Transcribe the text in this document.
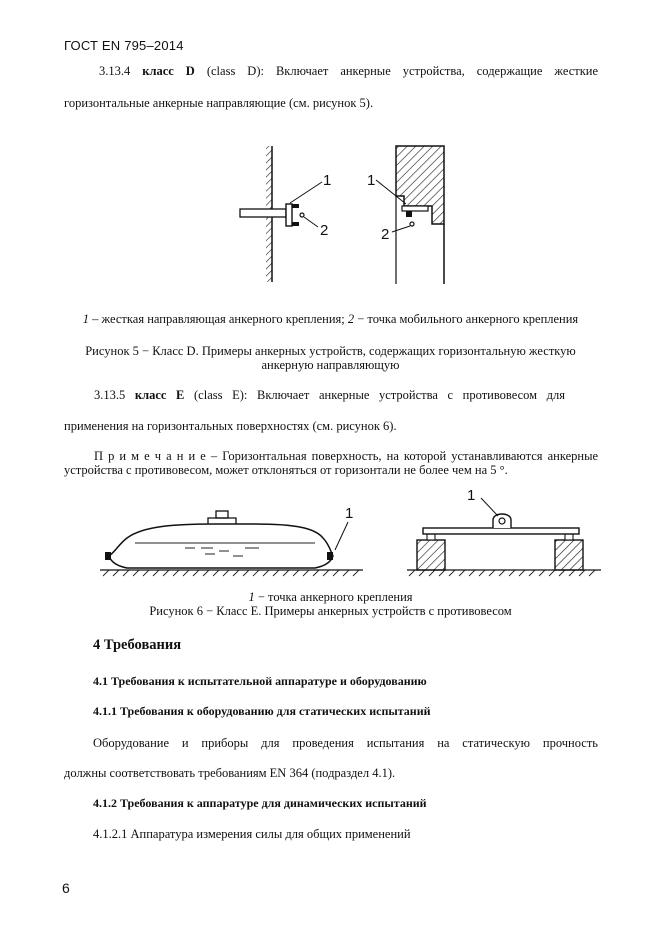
ГОСТ EN 795–2014
3.13.4 класс D (class D): Включает анкерные устройства, содержащие жесткие
горизонтальные анкерные направляющие (см. рисунок 5).
1
2
1
2
1 – жесткая направляющая анкерного крепления; 2 − точка мобильного анкерного крепления
Рисунок 5 − Класс D. Примеры анкерных устройств, содержащих горизонтальную жесткую
анкерную направляющую
3.13.5 класс E (class E): Включает анкерные устройства с противовесом для
применения на горизонтальных поверхностях (см. рисунок 6).
П р и м е ч а н и е – Горизонтальная поверхность, на которой устанавливаются анкерные
устройства с противовесом, может отклоняться от горизонтали не более чем на 5 °.
1
1
1 − точка анкерного крепления
Рисунок 6 − Класс E. Примеры анкерных устройств с противовесом
4 Требования
4.1 Требования к испытательной аппаратуре и оборудованию
4.1.1 Требования к оборудованию для статических испытаний
Оборудование и приборы для проведения испытания на статическую прочность
должны соответствовать требованиям EN 364 (подраздел 4.1).
4.1.2 Требования к аппаратуре для динамических испытаний
4.1.2.1 Аппаратура измерения силы для общих применений
6
